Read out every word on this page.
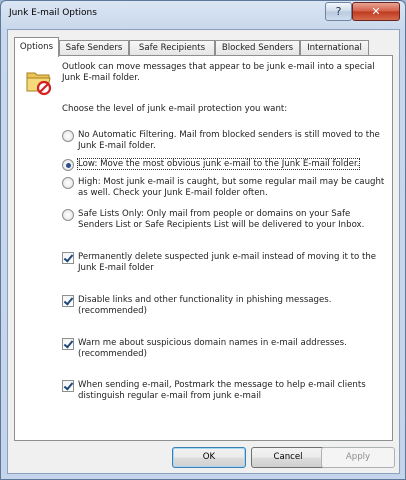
Junk E-mail Options	?	✕
Options	Safe Senders	Safe Recipients	Blocked Senders	International
Outlook can move messages that appear to be junk e-mail into a special
Junk E-mail folder.
Choose the level of junk e-mail protection you want:
No Automatic Filtering. Mail from blocked senders is still moved to the
Junk E-mail folder.
Low: Move the most obvious junk e-mail to the Junk E-mail folder.
High: Most junk e-mail is caught, but some regular mail may be caught
as well. Check your Junk E-mail folder often.
Safe Lists Only: Only mail from people or domains on your Safe
Senders List or Safe Recipients List will be delivered to your Inbox.
Permanently delete suspected junk e-mail instead of moving it to the
Junk E-mail folder
Disable links and other functionality in phishing messages.
(recommended)
Warn me about suspicious domain names in e-mail addresses.
(recommended)
When sending e-mail, Postmark the message to help e-mail clients
distinguish regular e-mail from junk e-mail
OK	Cancel	Apply
